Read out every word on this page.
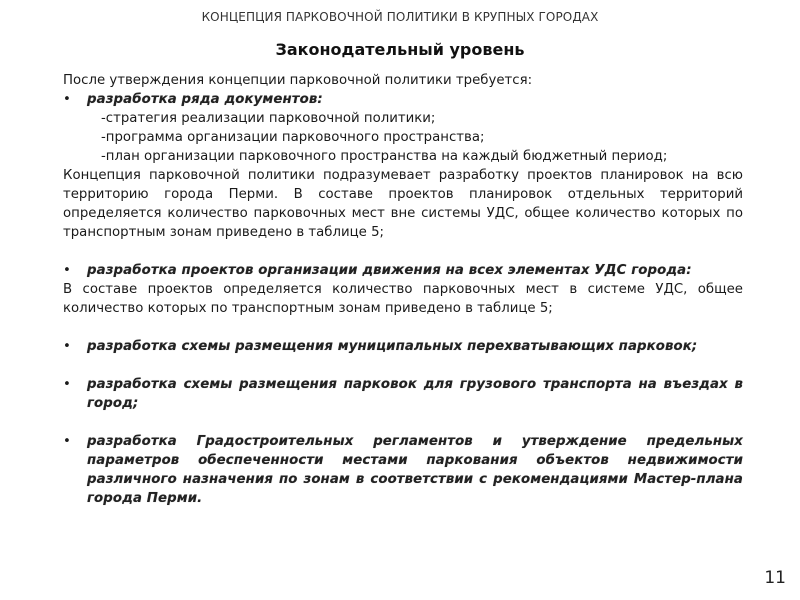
КОНЦЕПЦИЯ ПАРКОВОЧНОЙ ПОЛИТИКИ В КРУПНЫХ ГОРОДАХ
Законодательный уровень

После утверждения концепции парковочной политики требуется:

•	разработка ряда документов:

-стратегия реализации парковочной политики;

-программа организации парковочного пространства;

-план организации парковочного пространства на каждый бюджетный период;

Концепция парковочной политики подразумевает разработку проектов планировок на всю территорию города Перми. В составе проектов планировок отдельных территорий определяется количество парковочных мест вне системы УДС, общее количество которых по транспортным зонам приведено в таблице 5;

•	разработка проектов организации движения на всех элементах УДС города:

В составе проектов определяется количество парковочных мест в системе УДС, общее количество которых по транспортным зонам приведено в таблице 5;

•	разработка схемы размещения муниципальных перехватывающих парковок;

•	разработка схемы размещения парковок для грузового транспорта на въездах в город;

•	разработка Градостроительных регламентов и утверждение предельных параметров обеспеченности местами паркования объектов недвижимости различного назначения по зонам в соответствии с рекомендациями Мастер-плана города Перми.

11
